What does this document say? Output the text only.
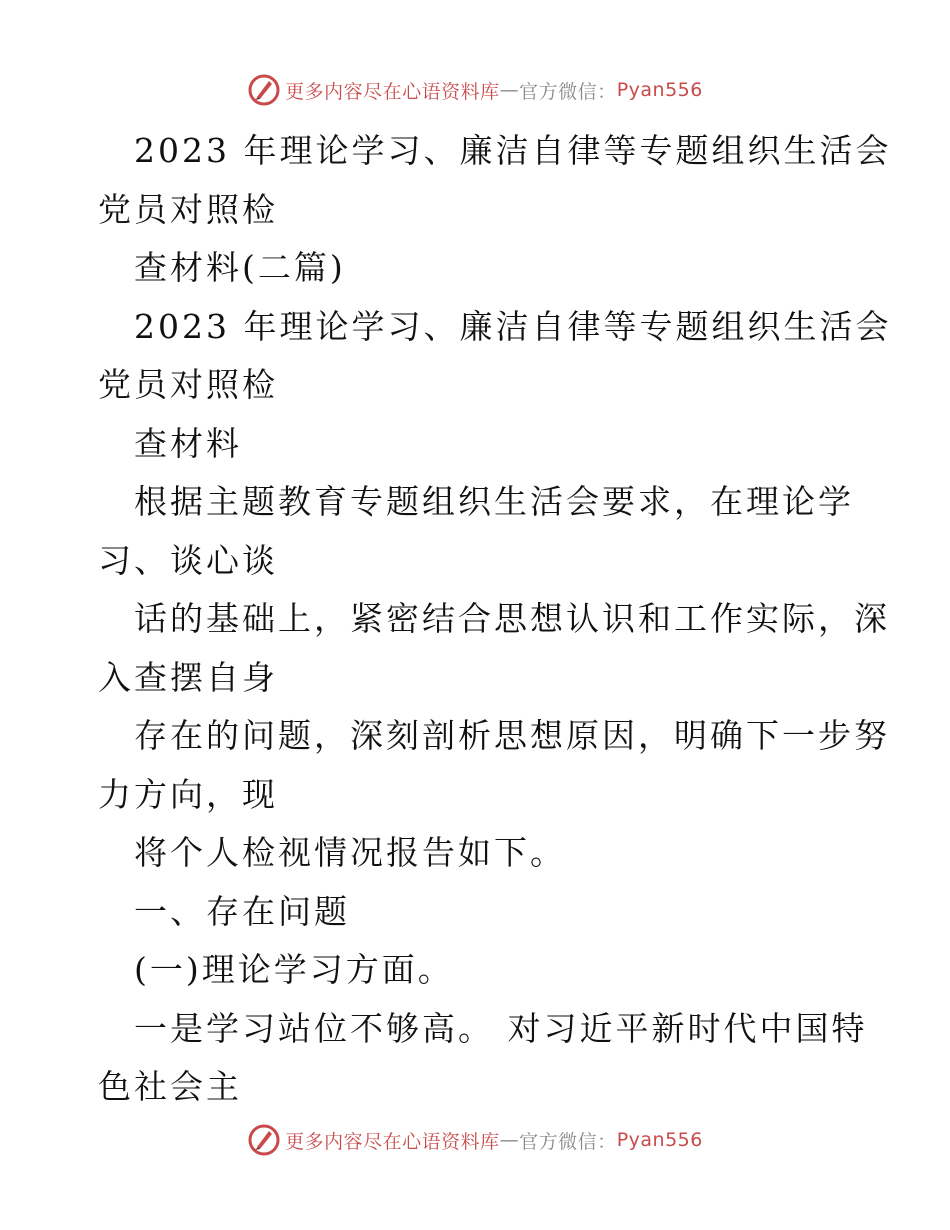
更多内容尽在心语资料库 — 官方微信： Pyan556
2023 年理论学习、廉洁自律等专题组织生活会
党员对照检
查材料(二篇)
2023 年理论学习、廉洁自律等专题组织生活会
党员对照检
查材料
根据主题教育专题组织生活会要求，在理论学
习、谈心谈
话的基础上，紧密结合思想认识和工作实际，深
入查摆自身
存在的问题，深刻剖析思想原因，明确下一步努
力方向，现
将个人检视情况报告如下。
一、存在问题
(一)理论学习方面。
一是学习站位不够高。 对习近平新时代中国特
色社会主
更多内容尽在心语资料库 — 官方微信： Pyan556
